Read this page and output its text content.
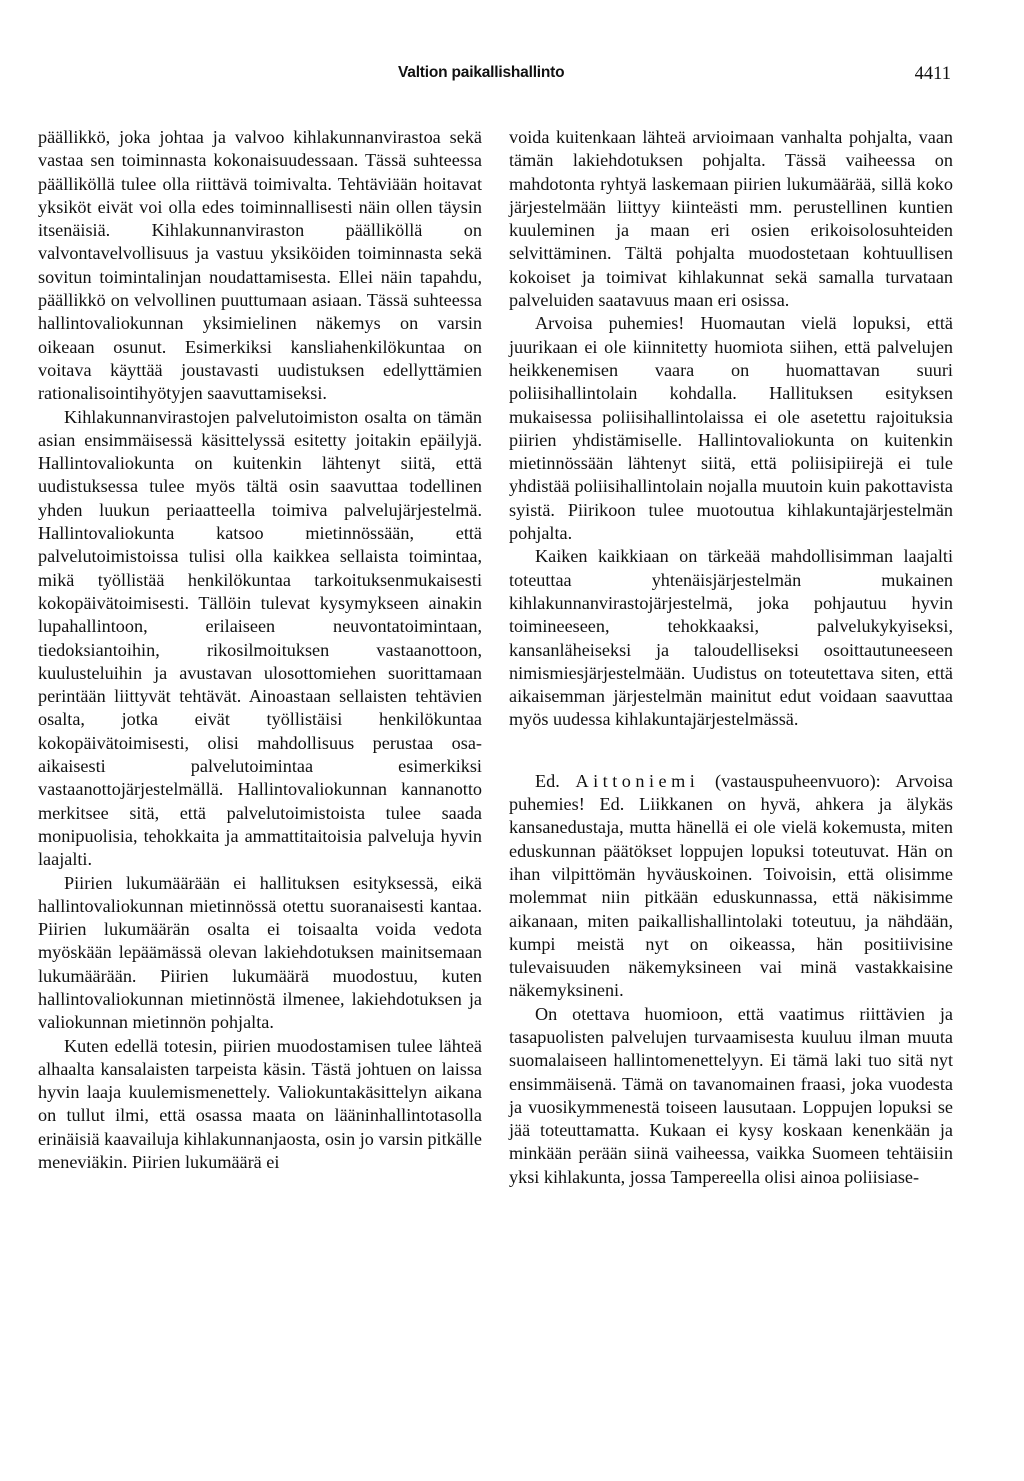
Valtion paikallishallinto	4411

päällikkö, joka johtaa ja valvoo kihlakunnanvirastoa sekä vastaa sen toiminnasta kokonaisuudessaan. Tässä suhteessa päälliköllä tulee olla riittävä toimivalta. Tehtäviään hoitavat yksiköt eivät voi olla edes toiminnallisesti näin ollen täysin itsenäisiä. Kihlakunnanviraston päälliköllä on valvontavelvollisuus ja vastuu yksiköiden toiminnasta sekä sovitun toimintalinjan noudattamisesta. Ellei näin tapahdu, päällikkö on velvollinen puuttumaan asiaan. Tässä suhteessa hallintovaliokunnan yksimielinen näkemys on varsin oikeaan osunut. Esimerkiksi kansliahenkilökuntaa on voitava käyttää joustavasti uudistuksen edellyttämien rationalisointihyötyjen saavuttamiseksi.

Kihlakunnanvirastojen palvelutoimiston osalta on tämän asian ensimmäisessä käsittelyssä esitetty joitakin epäilyjä. Hallintovaliokunta on kuitenkin lähtenyt siitä, että uudistuksessa tulee myös tältä osin saavuttaa todellinen yhden luukun periaatteella toimiva palvelujärjestelmä. Hallintovaliokunta katsoo mietinnössään, että palvelutoimistoissa tulisi olla kaikkea sellaista toimintaa, mikä työllistää henkilökuntaa tarkoituksenmukaisesti kokopäivätoimisesti. Tällöin tulevat kysymykseen ainakin lupahallintoon, erilaiseen neuvontatoimintaan, tiedoksiantoihin, rikosilmoituksen vastaanottoon, kuulusteluihin ja avustavan ulosottomiehen suorittamaan perintään liittyvät tehtävät. Ainoastaan sellaisten tehtävien osalta, jotka eivät työllistäisi henkilökuntaa kokopäivätoimisesti, olisi mahdollisuus perustaa osa-aikaisesti palvelutoimintaa esimerkiksi vastaanottojärjestelmällä. Hallintovaliokunnan kannanotto merkitsee sitä, että palvelutoimistoista tulee saada monipuolisia, tehokkaita ja ammattitaitoisia palveluja hyvin laajalti.

Piirien lukumäärään ei hallituksen esityksessä, eikä hallintovaliokunnan mietinnössä otettu suoranaisesti kantaa. Piirien lukumäärän osalta ei toisaalta voida vedota myöskään lepäämässä olevan lakiehdotuksen mainitsemaan lukumäärään. Piirien lukumäärä muodostuu, kuten hallintovaliokunnan mietinnöstä ilmenee, lakiehdotuksen ja valiokunnan mietinnön pohjalta.

Kuten edellä totesin, piirien muodostamisen tulee lähteä alhaalta kansalaisten tarpeista käsin. Tästä johtuen on laissa hyvin laaja kuulemismenettely. Valiokuntakäsittelyn aikana on tullut ilmi, että osassa maata on lääninhallintotasolla erinäisiä kaavailuja kihlakunnanjaosta, osin jo varsin pitkälle meneviäkin. Piirien lukumäärä ei

voida kuitenkaan lähteä arvioimaan vanhalta pohjalta, vaan tämän lakiehdotuksen pohjalta. Tässä vaiheessa on mahdotonta ryhtyä laskemaan piirien lukumäärää, sillä koko järjestelmään liittyy kiinteästi mm. perustellinen kuntien kuuleminen ja maan eri osien erikoisolosuhteiden selvittäminen. Tältä pohjalta muodostetaan kohtuullisen kokoiset ja toimivat kihlakunnat sekä samalla turvataan palveluiden saatavuus maan eri osissa.

Arvoisa puhemies! Huomautan vielä lopuksi, että juurikaan ei ole kiinnitetty huomiota siihen, että palvelujen heikkenemisen vaara on huomattavan suuri poliisihallintolain kohdalla. Hallituksen esityksen mukaisessa poliisihallintolaissa ei ole asetettu rajoituksia piirien yhdistämiselle. Hallintovaliokunta on kuitenkin mietinnössään lähtenyt siitä, että poliisipiirejä ei tule yhdistää poliisihallintolain nojalla muutoin kuin pakottavista syistä. Piirikoon tulee muotoutua kihlakuntajärjestelmän pohjalta.

Kaiken kaikkiaan on tärkeää mahdollisimman laajalti toteuttaa yhtenäisjärjestelmän mukainen kihlakunnanvirastojärjestelmä, joka pohjautuu hyvin toimineeseen, tehokkaaksi, palvelukykyiseksi, kansanläheiseksi ja taloudelliseksi osoittautuneeseen nimismiesjärjestelmään. Uudistus on toteutettava siten, että aikaisemman järjestelmän mainitut edut voidaan saavuttaa myös uudessa kihlakuntajärjestelmässä.

Ed. Aittoniemi (vastauspuheenvuoro): Arvoisa puhemies! Ed. Liikkanen on hyvä, ahkera ja älykäs kansanedustaja, mutta hänellä ei ole vielä kokemusta, miten eduskunnan päätökset loppujen lopuksi toteutuvat. Hän on ihan vilpittömän hyväuskoinen. Toivoisin, että olisimme molemmat niin pitkään eduskunnassa, että näkisimme aikanaan, miten paikallishallintolaki toteutuu, ja nähdään, kumpi meistä nyt on oikeassa, hän positiivisine tulevaisuuden näkemyksineen vai minä vastakkaisine näkemyksineni.

On otettava huomioon, että vaatimus riittävien ja tasapuolisten palvelujen turvaamisesta kuuluu ilman muuta suomalaiseen hallintomenettelyyn. Ei tämä laki tuo sitä nyt ensimmäisenä. Tämä on tavanomainen fraasi, joka vuodesta ja vuosikymmenestä toiseen lausutaan. Loppujen lopuksi se jää toteuttamatta. Kukaan ei kysy koskaan kenenkään ja minkään perään siinä vaiheessa, vaikka Suomeen tehtäisiin yksi kihlakunta, jossa Tampereella olisi ainoa poliisiase-
